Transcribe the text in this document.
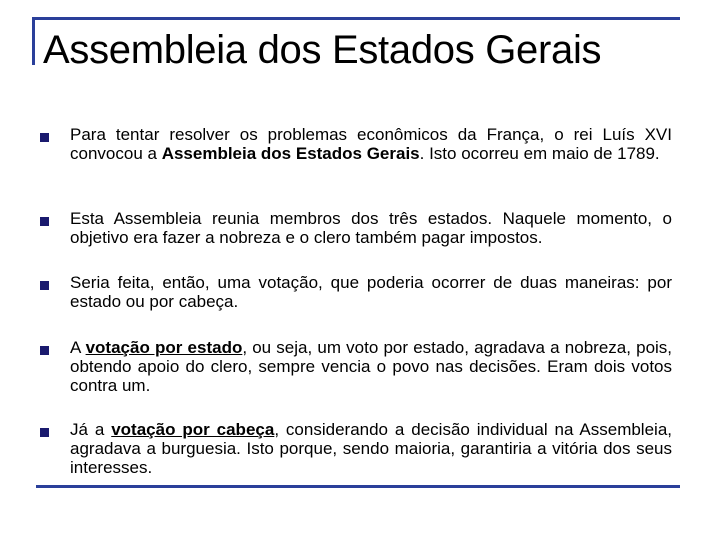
Assembleia dos Estados Gerais

Para tentar resolver os problemas econômicos da França, o rei Luís XVI convocou a Assembleia dos Estados Gerais. Isto ocorreu em maio de 1789.

Esta Assembleia reunia membros dos três estados. Naquele momento, o objetivo era fazer a nobreza e o clero também pagar impostos.

Seria feita, então, uma votação, que poderia ocorrer de duas maneiras: por estado ou por cabeça.

A votação por estado, ou seja, um voto por estado, agradava a nobreza, pois, obtendo apoio do clero, sempre vencia o povo nas decisões. Eram dois votos contra um.

Já a votação por cabeça, considerando a decisão individual na Assembleia, agradava a burguesia. Isto porque, sendo maioria, garantiria a vitória dos seus interesses.
